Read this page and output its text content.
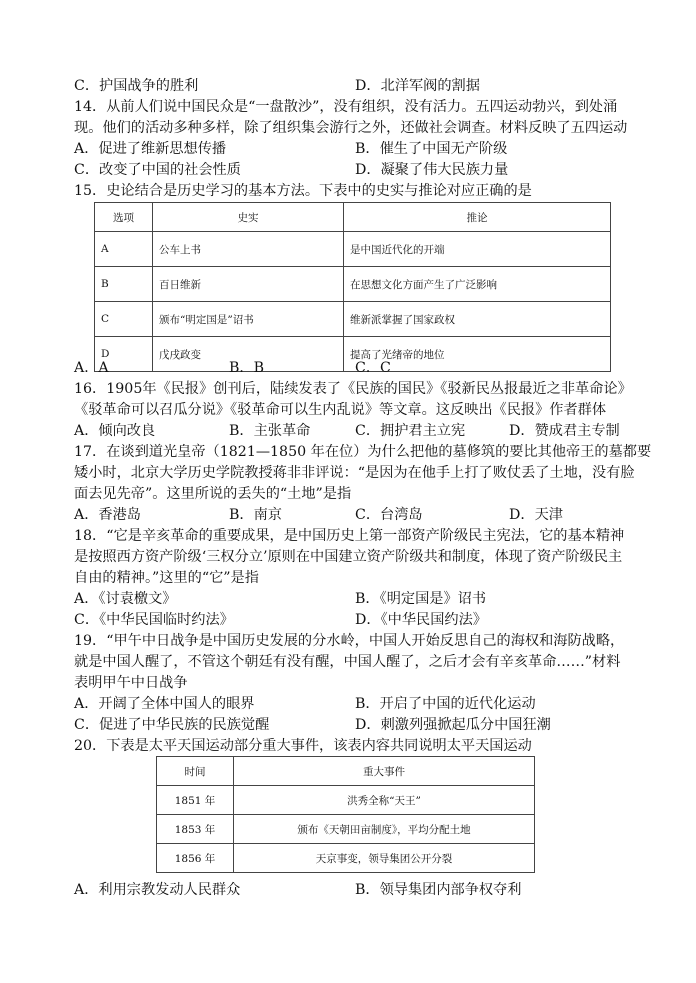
C．护国战争的胜利	D．北洋军阀的割据
14．从前人们说中国民众是“一盘散沙”，没有组织，没有活力。五四运动勃兴，到处涌
现。他们的活动多种多样，除了组织集会游行之外，还做社会调查。材料反映了五四运动
A．促进了维新思想传播	B．催生了中国无产阶级
C．改变了中国的社会性质	D．凝聚了伟大民族力量
15．史论结合是历史学习的基本方法。下表中的史实与推论对应正确的是
选项	史实	推论
A	公车上书	是中国近代化的开端
B	百日维新	在思想文化方面产生了广泛影响
C	颁布“明定国是”诏书	维新派掌握了国家政权
D	戊戌政变	提高了光绪帝的地位
A．A	B．B	C．C
16．1905年《民报》创刊后，陆续发表了《民族的国民》《驳新民丛报最近之非革命论》
《驳革命可以召瓜分说》《驳革命可以生内乱说》等文章。这反映出《民报》作者群体
A．倾向改良	B．主张革命	C．拥护君主立宪	D．赞成君主专制
17．在谈到道光皇帝（1821—1850 年在位）为什么把他的墓修筑的要比其他帝王的墓都要
矮小时，北京大学历史学院教授蒋非非评说：“是因为在他手上打了败仗丢了土地，没有脸
面去见先帝”。这里所说的丢失的“土地”是指
A．香港岛	B．南京	C．台湾岛	D．天津
18．“它是辛亥革命的重要成果，是中国历史上第一部资产阶级民主宪法，它的基本精神
是按照西方资产阶级‘三权分立’原则在中国建立资产阶级共和制度，体现了资产阶级民主
自由的精神。”这里的“它”是指
A．《讨袁檄文》	B．《明定国是》诏书
C．《中华民国临时约法》	D．《中华民国约法》
19．“甲午中日战争是中国历史发展的分水岭，中国人开始反思自己的海权和海防战略，
就是中国人醒了，不管这个朝廷有没有醒，中国人醒了，之后才会有辛亥革命……”材料
表明甲午中日战争
A．开阔了全体中国人的眼界	B．开启了中国的近代化运动
C．促进了中华民族的民族觉醒	D．刺激列强掀起瓜分中国狂潮
20．下表是太平天国运动部分重大事件，该表内容共同说明太平天国运动
时间	重大事件
1851 年	洪秀全称“天王”
1853 年	颁布《天朝田亩制度》，平均分配土地
1856 年	天京事变，领导集团公开分裂
A．利用宗教发动人民群众	B．领导集团内部争权夺利
